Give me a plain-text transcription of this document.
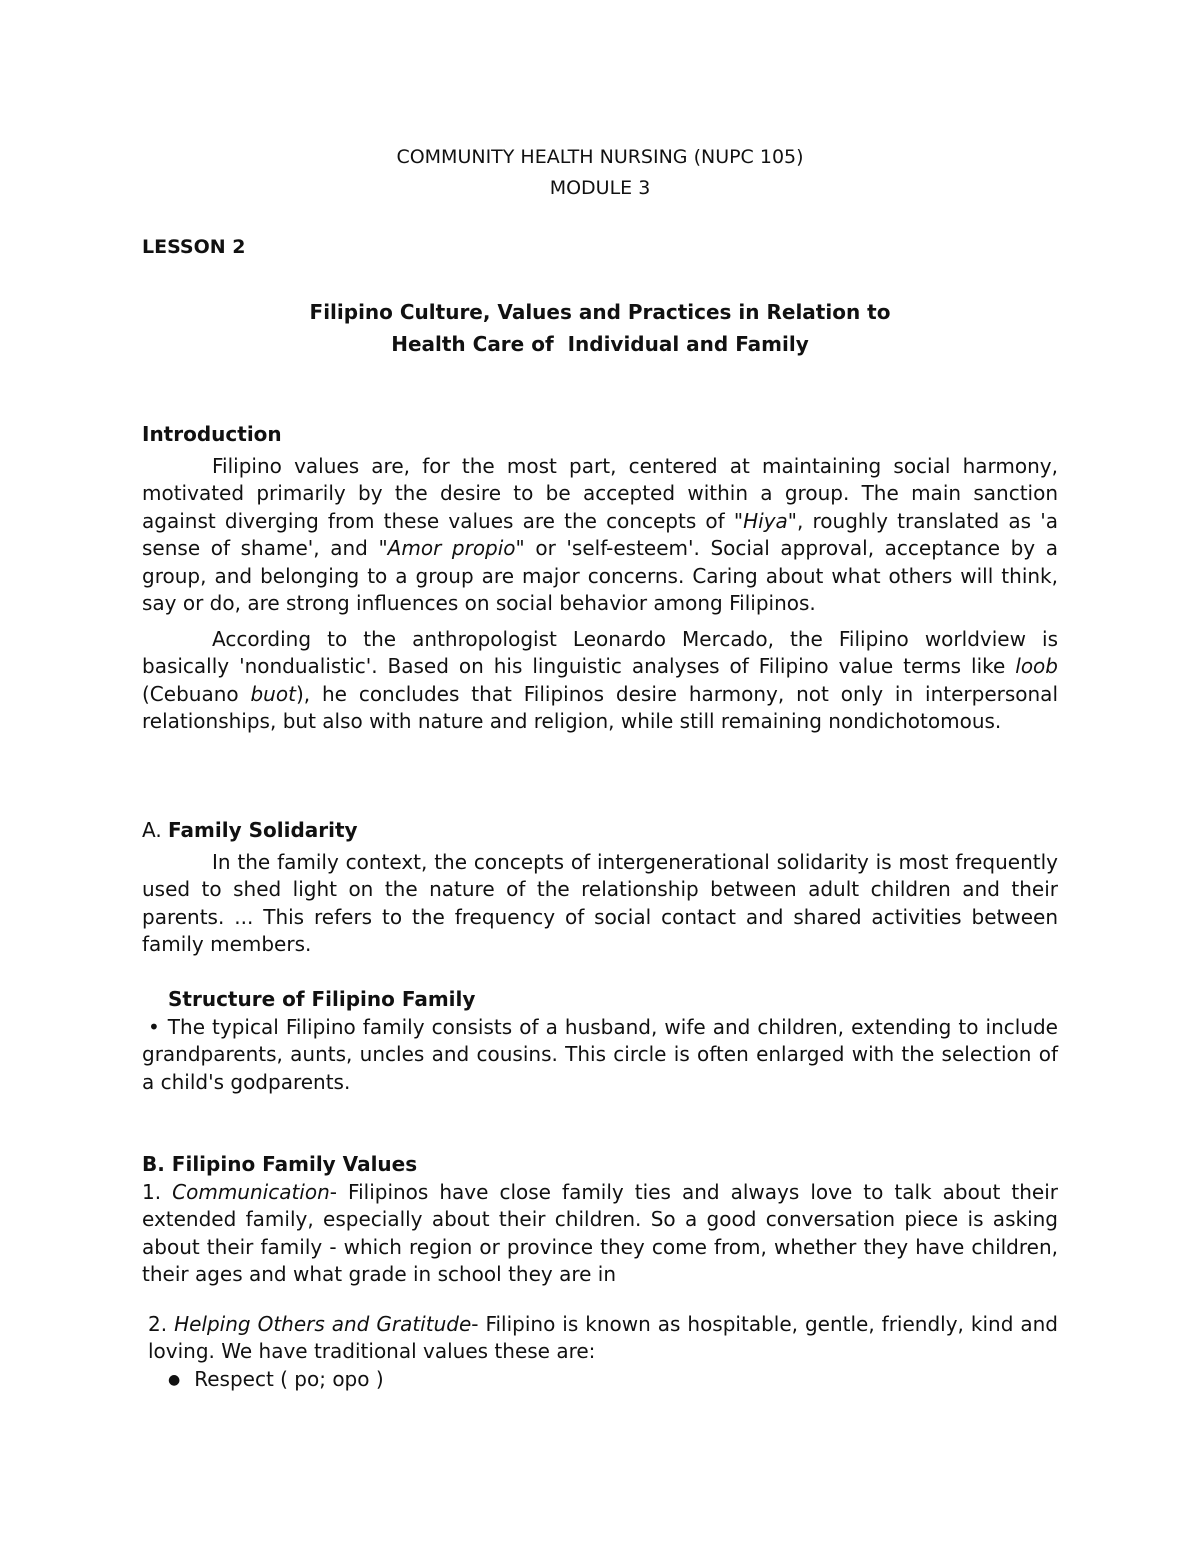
COMMUNITY HEALTH NURSING (NUPC 105)
MODULE 3
LESSON 2
Filipino Culture, Values and Practices in Relation to
Health Care of  Individual and Family
Introduction

Filipino values are, for the most part, centered at maintaining social harmony, motivated primarily by the desire to be accepted within a group. The main sanction against diverging from these values are the concepts of "Hiya", roughly translated as 'a sense of shame', and "Amor propio" or 'self-esteem'. Social approval, acceptance by a group, and belonging to a group are major concerns. Caring about what others will think, say or do, are strong influences on social behavior among Filipinos.

According to the anthropologist Leonardo Mercado, the Filipino worldview is basically 'nondualistic'. Based on his linguistic analyses of Filipino value terms like loob (Cebuano buot), he concludes that Filipinos desire harmony, not only in interpersonal relationships, but also with nature and religion, while still remaining nondichotomous.

A. Family Solidarity

In the family context, the concepts of intergenerational solidarity is most frequently used to shed light on the nature of the relationship between adult children and their parents. ... This refers to the frequency of social contact and shared activities between family members.

Structure of Filipino Family

• The typical Filipino family consists of a husband, wife and children, extending to include grandparents, aunts, uncles and cousins. This circle is often enlarged with the selection of a child's godparents.

B. Filipino Family Values

1. Communication- Filipinos have close family ties and always love to talk about their extended family, especially about their children. So a good conversation piece is asking about their family - which region or province they come from, whether they have children, their ages and what grade in school they are in

2. Helping Others and Gratitude- Filipino is known as hospitable, gentle, friendly, kind and loving. We have traditional values these are:

● Respect ( po; opo )
